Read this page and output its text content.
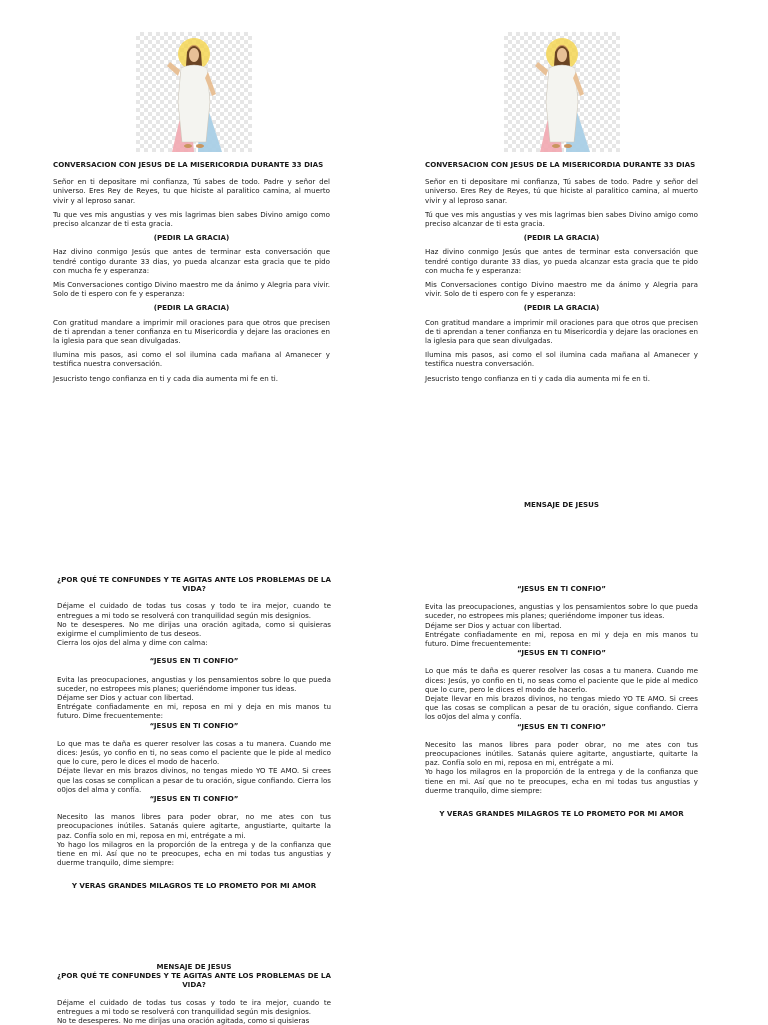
CONVERSACION CON JESUS DE LA MISERICORDIA DURANTE 33 DIAS

Señor en ti depositare mi confianza, Tú sabes de todo. Padre y señor del universo. Eres Rey de Reyes, tu que hiciste al paralitico camina, al muerto vivir y al leproso sanar.

Tu que ves mis angustias y ves mis lagrimas bien sabes Divino amigo como preciso alcanzar de ti esta gracia.

(PEDIR LA GRACIA)

Haz divino conmigo Jesús que antes de terminar esta conversación que tendré contigo durante 33 dias, yo pueda alcanzar esta gracia que te pido con mucha fe y esperanza:

Mis Conversaciones contigo Divino maestro me da ánimo y Alegria para vivir. Solo de ti espero con fe y esperanza:

(PEDIR LA GRACIA)

Con gratitud mandare a imprimir mil oraciones para que otros que precisen de ti aprendan a tener confianza en tu Misericordia y dejare las oraciones en la iglesia para que sean divulgadas.

Ilumina mis pasos, asi como el sol ilumina cada mañana al Amanecer y testifica nuestra conversación.

Jesucristo tengo confianza en ti y cada dia aumenta mi fe en ti.

CONVERSACION CON JESUS DE LA MISERICORDIA DURANTE 33 DIAS

Señor en ti depositare mi confianza, Tú sabes de todo. Padre y señor del universo. Eres Rey de Reyes, tú que hiciste al paralitico camina, al muerto vivir y al leproso sanar.

Tú que ves mis angustias y ves mis lagrimas bien sabes Divino amigo como preciso alcanzar de ti esta gracia.

(PEDIR LA GRACIA)

Haz divino conmigo Jesús que antes de terminar esta conversación que tendré contigo durante 33 dias, yo pueda alcanzar esta gracia que te pido con mucha fe y esperanza:

Mis Conversaciones contigo Divino maestro me da ánimo y Alegria para vivir. Solo de ti espero con fe y esperanza:

(PEDIR LA GRACIA)

Con gratitud mandare a imprimir mil oraciones para que otros que precisen de ti aprendan a tener confianza en tu Misericordia y dejare las oraciones en la iglesia para que sean divulgadas.

Ilumina mis pasos, asi como el sol ilumina cada mañana al Amanecer y testifica nuestra conversación.

Jesucristo tengo confianza en ti y cada dia aumenta mi fe en ti.

MENSAJE DE JESUS

¿POR QUÉ TE CONFUNDES Y TE AGITAS ANTE LOS PROBLEMAS DE LA VIDA?

Déjame el cuidado de todas tus cosas y todo te ira mejor, cuando te entregues a mi todo se resolverá con tranquilidad según mis designios.
No te desesperes. No me dirijas una oración agitada, como si quisieras exigirme el cumplimiento de tus deseos.
Cierra los ojos del alma y dime con calma:

“JESUS EN TI CONFIO”

Evita las preocupaciones, angustias y los pensamientos sobre lo que pueda suceder, no estropees mis planes; queriéndome imponer tus ideas.
Déjame ser Dios y actuar con libertad.
Entrégate confiadamente en mi, reposa en mi y deja en mis manos tu futuro. Dime frecuentemente:

“JESUS EN TI CONFIO”

Lo que mas te daña es querer resolver las cosas a tu manera. Cuando me dices: Jesús, yo confio en ti, no seas como el paciente que le pide al medico que lo cure, pero le dices el modo de hacerlo.
Déjate llevar en mis brazos divinos, no tengas miedo YO TE AMO. Si crees que las cosas se complican a pesar de tu oración, sigue confiando. Cierra los o0jos del alma y confía.

“JESUS EN TI CONFIO”

Necesito las manos libres para poder obrar, no me ates con tus preocupaciones inútiles. Satanás quiere agitarte, angustiarte, quitarte la paz. Confía solo en mi, reposa en mi, entrégate a mi.
Yo hago los milagros en la proporción de la entrega y de la confianza que tiene en mi. Así que no te preocupes, echa en mi todas tus angustias y duerme tranquilo, dime siempre:

Y VERAS GRANDES MILAGROS TE LO PROMETO POR MI AMOR

“JESUS EN TI CONFIO”

Evita las preocupaciones, angustias y los pensamientos sobre lo que pueda suceder, no estropees mis planes; queriéndome imponer tus ideas.
Déjame ser Dios y actuar con libertad.
Entrégate confiadamente en mi, reposa en mi y deja en mis manos tu futuro. Dime frecuentemente:

“JESUS EN TI CONFIO”

Lo que más te daña es querer resolver las cosas a tu manera. Cuando me dices: Jesús, yo confio en ti, no seas como el paciente que le pide al medico que lo cure, pero le dices el modo de hacerlo.
Dejate llevar en mis brazos divinos, no tengas miedo YO TE AMO. Si crees que las cosas se complican a pesar de tu oración, sigue confiando. Cierra los o0jos del alma y confía.

“JESUS EN TI CONFIO”

Necesito las manos libres para poder obrar, no me ates con tus preocupaciones inútiles. Satanás quiere agitarte, angustiarte, quitarte la paz. Confía solo en mi, reposa en mi, entrégate a mi.
Yo hago los milagros en la proporción de la entrega y de la confianza que tiene en mi. Así que no te preocupes, echa en mi todas tus angustias y duerme tranquilo, dime siempre:

Y VERAS GRANDES MILAGROS TE LO PROMETO POR MI AMOR

MENSAJE DE JESUS

¿POR QUÉ TE CONFUNDES Y TE AGITAS ANTE LOS PROBLEMAS DE LA VIDA?

Déjame el cuidado de todas tus cosas y todo te ira mejor, cuando te entregues a mi todo se resolverá con tranquilidad según mis designios.
No te desesperes. No me dirijas una oración agitada, como si quisieras
